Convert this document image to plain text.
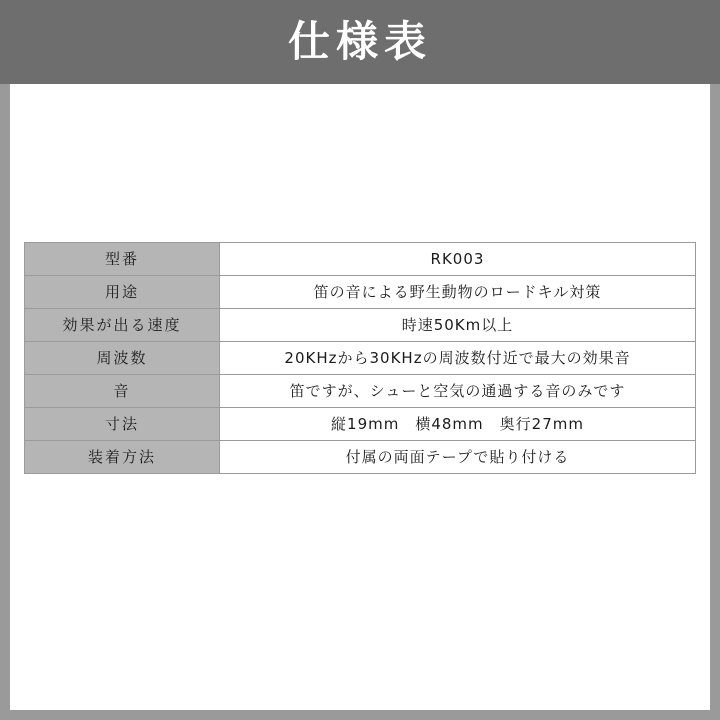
仕様表
型番	RK003
用途	笛の音による野生動物のロードキル対策
効果が出る速度	時速50Km以上
周波数	20KHzから30KHzの周波数付近で最大の効果音
音	笛ですが、シューと空気の通過する音のみです
寸法	縦19mm　横48mm　奥行27mm
装着方法	付属の両面テープで貼り付ける
